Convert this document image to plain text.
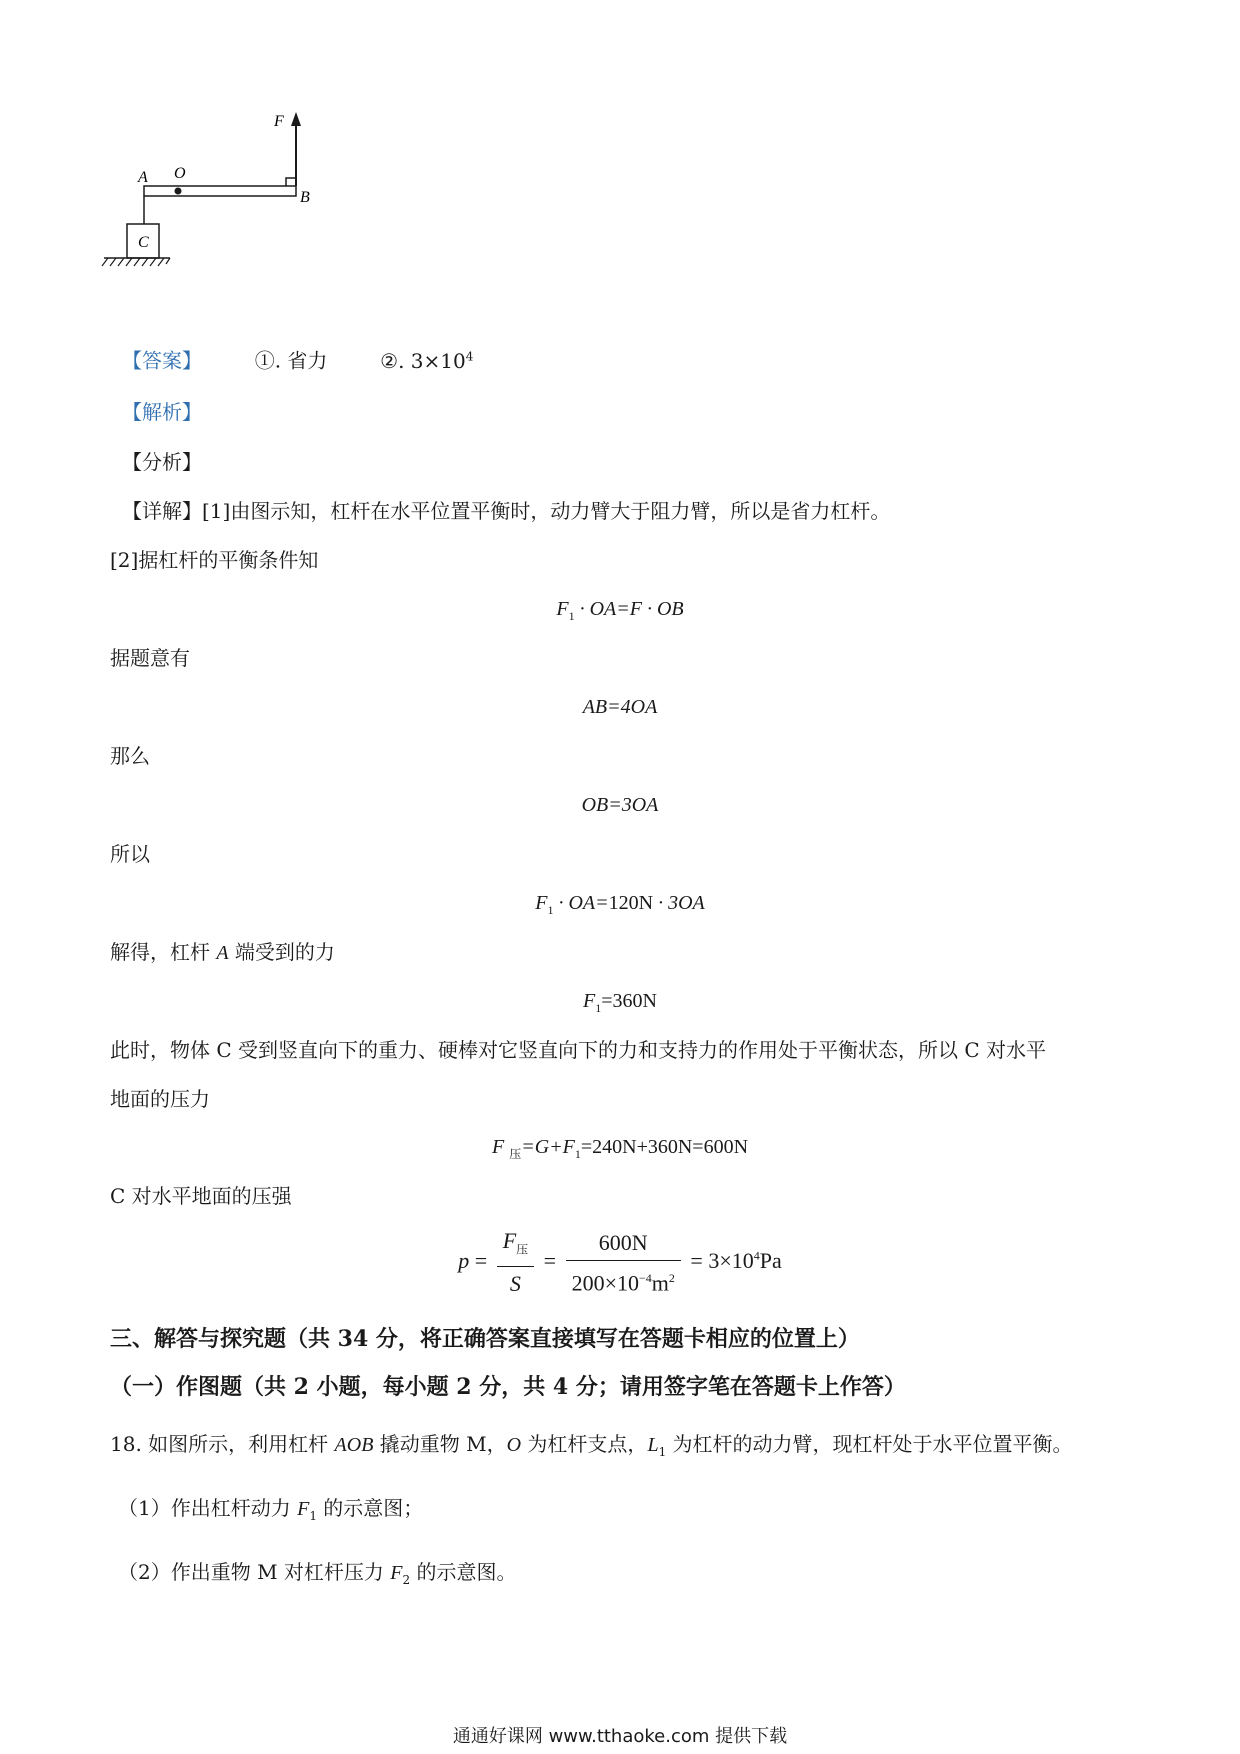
F
O
A
B
C
【答案】	①. 省力	②. $3\times 10^4$
【解析】
【分析】
【详解】[1]由图示知，杠杆在水平位置平衡时，动力臂大于阻力臂，所以是省力杠杆。
[2]据杠杆的平衡条件知
$F_1 \cdot OA=F$ · OB
据题意有
AB=4OA
那么
OB=3OA
所以
$F_1 \cdot OA=120N \cdot 3OA$
解得，杠杆 A 端受到的力
$F_1=360N$
此时，物体 C 受到竖直向下的重力、硬棒对它竖直向下的力和支持力的作用处于平衡状态，所以 C 对水平
地面的压力
F $_压=G+F_1=240N+360N=600N$
C 对水平地面的压强
$p = \frac{F_压}{S} = \frac{600N}{200\times 10^{-4}m^2} = 3\times 10^4Pa$
三、解答与探究题（共 34 分，将正确答案直接填写在答题卡相应的位置上）
（一）作图题（共 2 小题，每小题 2 分，共 4 分；请用签字笔在答题卡上作答）
18. 如图所示，利用杠杆 AOB 撬动重物 M，O 为杠杆支点，$L_1$ 为杠杆的动力臂，现杠杆处于水平位置平衡。
（1）作出杠杆动力 $F_1$ 的示意图；
（2）作出重物 M 对杠杆压力 $F_2$ 的示意图。
通通好课网 www.tthaoke.com 提供下载
